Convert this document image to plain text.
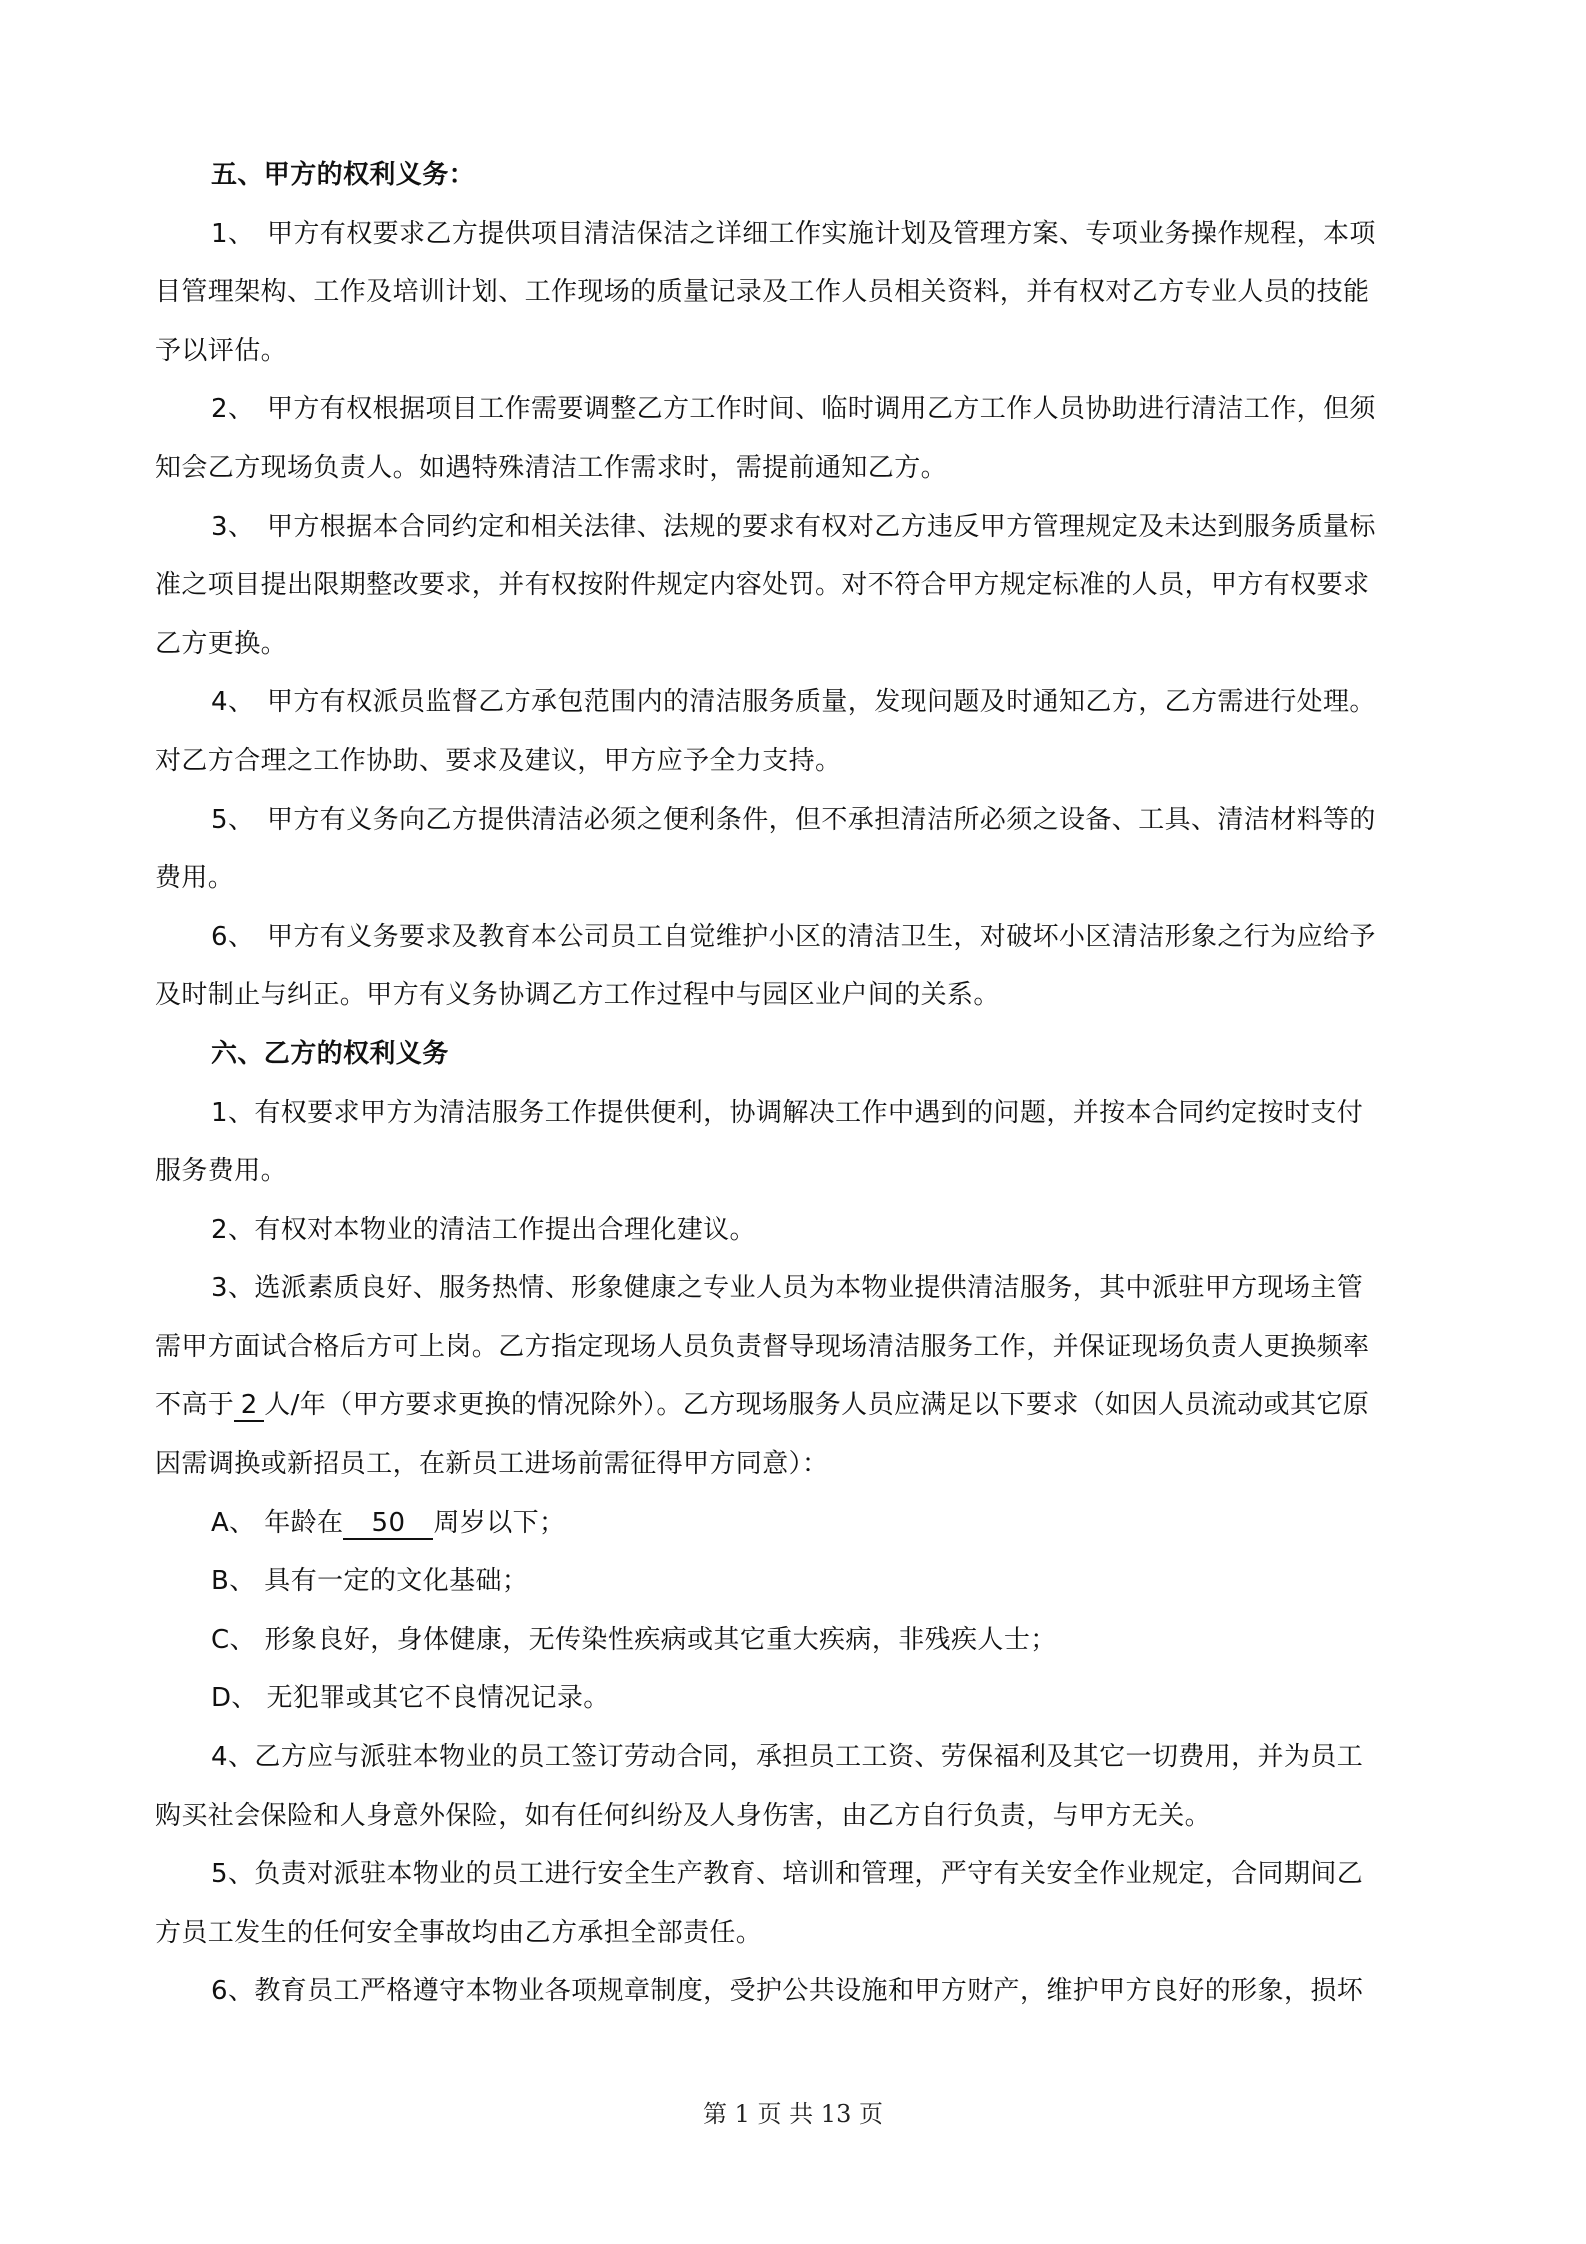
五、甲方的权利义务：
1、 甲方有权要求乙方提供项目清洁保洁之详细工作实施计划及管理方案、专项业务操作规程，本项
目管理架构、工作及培训计划、工作现场的质量记录及工作人员相关资料，并有权对乙方专业人员的技能
予以评估。
2、 甲方有权根据项目工作需要调整乙方工作时间、临时调用乙方工作人员协助进行清洁工作，但须
知会乙方现场负责人。如遇特殊清洁工作需求时，需提前通知乙方。
3、 甲方根据本合同约定和相关法律、法规的要求有权对乙方违反甲方管理规定及未达到服务质量标
准之项目提出限期整改要求，并有权按附件规定内容处罚。对不符合甲方规定标准的人员，甲方有权要求
乙方更换。
4、 甲方有权派员监督乙方承包范围内的清洁服务质量，发现问题及时通知乙方，乙方需进行处理。
对乙方合理之工作协助、要求及建议，甲方应予全力支持。
5、 甲方有义务向乙方提供清洁必须之便利条件，但不承担清洁所必须之设备、工具、清洁材料等的
费用。
6、 甲方有义务要求及教育本公司员工自觉维护小区的清洁卫生，对破坏小区清洁形象之行为应给予
及时制止与纠正。甲方有义务协调乙方工作过程中与园区业户间的关系。
六、乙方的权利义务
1、有权要求甲方为清洁服务工作提供便利，协调解决工作中遇到的问题，并按本合同约定按时支付
服务费用。
2、有权对本物业的清洁工作提出合理化建议。
3、选派素质良好、服务热情、形象健康之专业人员为本物业提供清洁服务，其中派驻甲方现场主管
需甲方面试合格后方可上岗。乙方指定现场人员负责督导现场清洁服务工作，并保证现场负责人更换频率
不高于 2 人/年（甲方要求更换的情况除外）。乙方现场服务人员应满足以下要求（如因人员流动或其它原
因需调换或新招员工，在新员工进场前需征得甲方同意）：
A、 年龄在 50 周岁以下；
B、 具有一定的文化基础；
C、 形象良好，身体健康，无传染性疾病或其它重大疾病，非残疾人士；
D、 无犯罪或其它不良情况记录。
4、乙方应与派驻本物业的员工签订劳动合同，承担员工工资、劳保福利及其它一切费用，并为员工
购买社会保险和人身意外保险，如有任何纠纷及人身伤害，由乙方自行负责，与甲方无关。
5、负责对派驻本物业的员工进行安全生产教育、培训和管理，严守有关安全作业规定，合同期间乙
方员工发生的任何安全事故均由乙方承担全部责任。
6、教育员工严格遵守本物业各项规章制度，受护公共设施和甲方财产，维护甲方良好的形象，损坏
第 1 页 共 13 页
